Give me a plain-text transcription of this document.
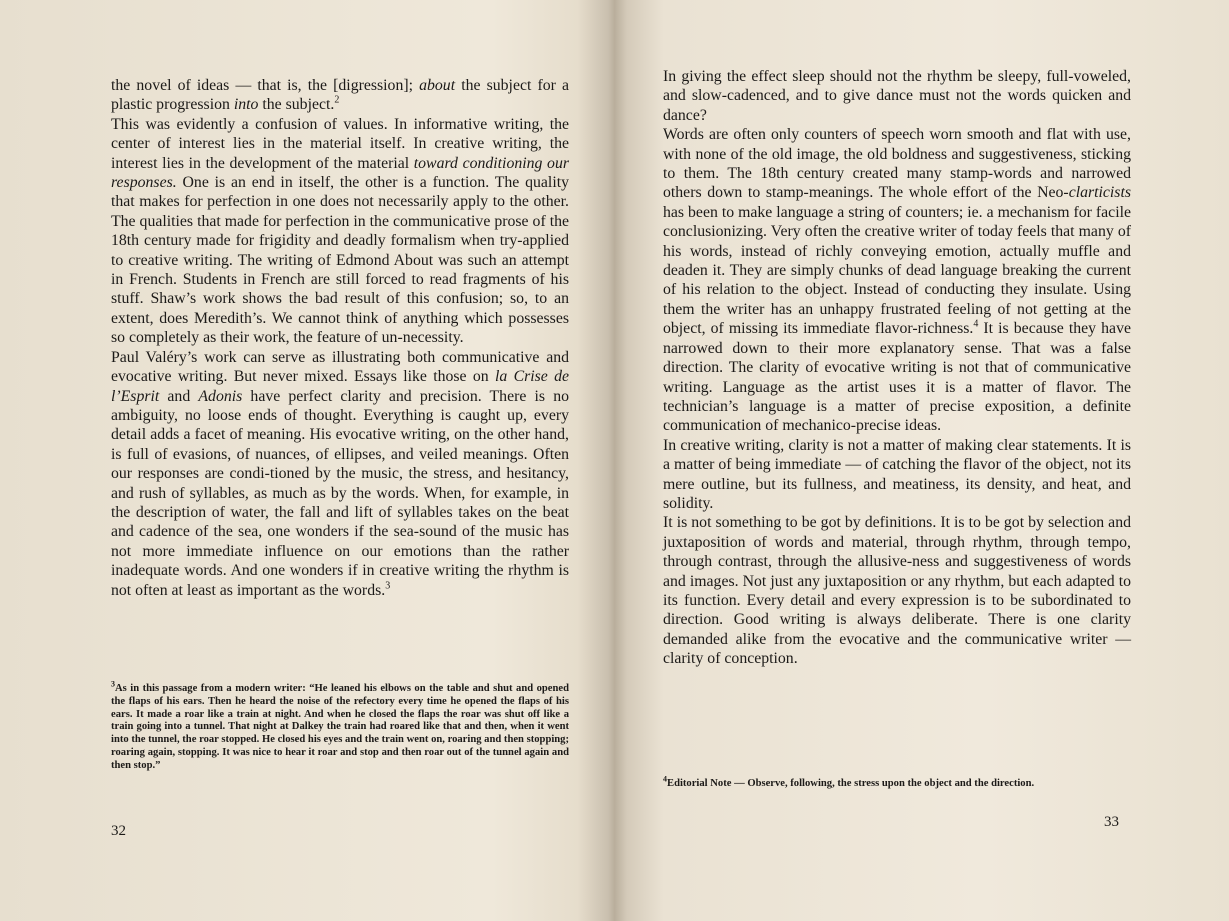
the novel of ideas — that is, the [digression]; about the subject for a plastic progression into the subject.$^2$

This was evidently a confusion of values. In informative writing, the center of interest lies in the material itself. In creative writing, the interest lies in the development of the material toward conditioning our responses. One is an end in itself, the other is a function. The quality that makes for perfection in one does not necessarily apply to the other. The qualities that made for perfection in the communicative prose of the 18th century made for frigidity and deadly formalism when try-applied to creative writing. The writing of Edmond About was such an attempt in French. Students in French are still forced to read fragments of his stuff. Shaw’s work shows the bad result of this confusion; so, to an extent, does Meredith’s. We cannot think of anything which possesses so completely as their work, the feature of un-necessity.

Paul Valéry’s work can serve as illustrating both communicative and evocative writing. But never mixed. Essays like those on la Crise de l’Esprit and Adonis have perfect clarity and precision. There is no ambiguity, no loose ends of thought. Everything is caught up, every detail adds a facet of meaning. His evocative writing, on the other hand, is full of evasions, of nuances, of ellipses, and veiled meanings. Often our responses are condi-tioned by the music, the stress, and hesitancy, and rush of syllables, as much as by the words. When, for example, in the description of water, the fall and lift of syllables takes on the beat and cadence of the sea, one wonders if the sea-sound of the music has not more immediate influence on our emotions than the rather inadequate words. And one wonders if in creative writing the rhythm is not often at least as important as the words.$^3$

$^3$As in this passage from a modern writer: “He leaned his elbows on the table and shut and opened the flaps of his ears. Then he heard the noise of the refectory every time he opened the flaps of his ears. It made a roar like a train at night. And when he closed the flaps the roar was shut off like a train going into a tunnel. That night at Dalkey the train had roared like that and then, when it went into the tunnel, the roar stopped. He closed his eyes and the train went on, roaring and then stopping; roaring again, stopping. It was nice to hear it roar and stop and then roar out of the tunnel again and then stop.”
32

In giving the effect sleep should not the rhythm be sleepy, full-voweled, and slow-cadenced, and to give dance must not the words quicken and dance?

Words are often only counters of speech worn smooth and flat with use, with none of the old image, the old boldness and suggestiveness, sticking to them. The 18th century created many stamp-words and narrowed others down to stamp-meanings. The whole effort of the Neo-clarticists has been to make language a string of counters; ie. a mechanism for facile conclusionizing. Very often the creative writer of today feels that many of his words, instead of richly conveying emotion, actually muffle and deaden it. They are simply chunks of dead language breaking the current of his relation to the object. Instead of conducting they insulate. Using them the writer has an unhappy frustrated feeling of not getting at the object, of missing its immediate flavor-richness.$^4$ It is because they have narrowed down to their more explanatory sense. That was a false direction. The clarity of evocative writing is not that of communicative writing. Language as the artist uses it is a matter of flavor. The technician’s language is a matter of precise exposition, a definite communication of mechanico-precise ideas.

In creative writing, clarity is not a matter of making clear statements. It is a matter of being immediate — of catching the flavor of the object, not its mere outline, but its fullness, and meatiness, its density, and heat, and solidity.

It is not something to be got by definitions. It is to be got by selection and juxtaposition of words and material, through rhythm, through tempo, through contrast, through the allusive-ness and suggestiveness of words and images. Not just any juxtaposition or any rhythm, but each adapted to its function. Every detail and every expression is to be subordinated to direction. Good writing is always deliberate. There is one clarity demanded alike from the evocative and the communicative writer — clarity of conception.

$^4$Editorial Note — Observe, following, the stress upon the object and the direction.
33
